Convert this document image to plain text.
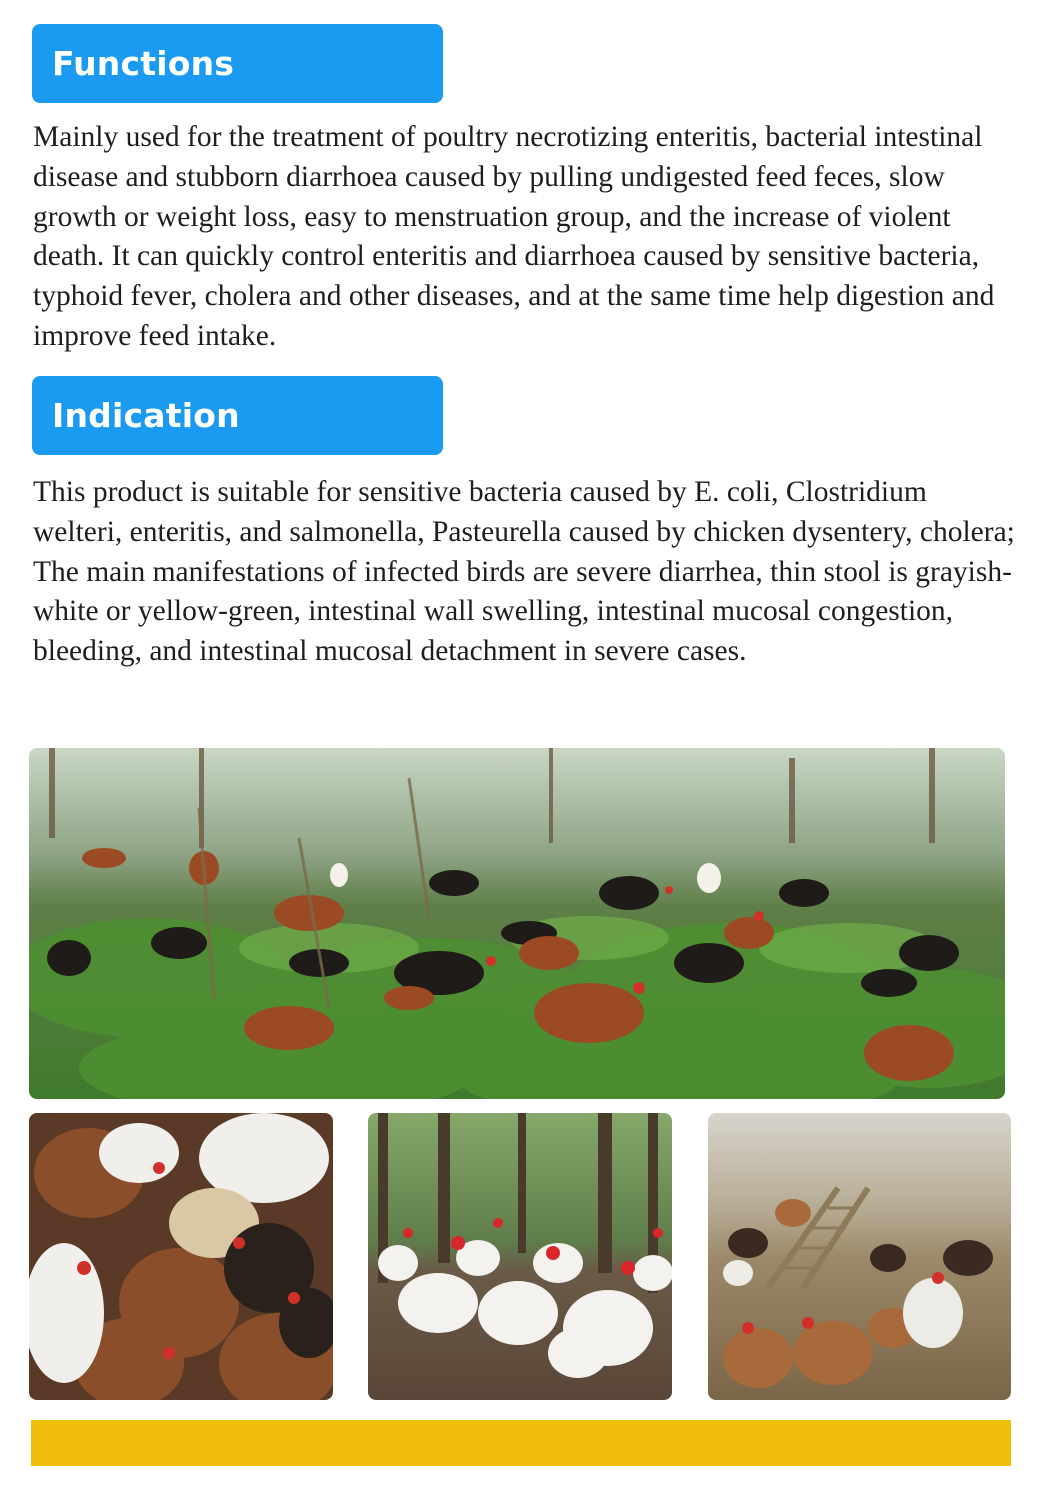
Functions

Mainly used for the treatment of poultry necrotizing enteritis, bacterial intestinal disease and stubborn diarrhoea caused by pulling undigested feed feces, slow growth or weight loss, easy to menstruation group, and the increase of violent death. It can quickly control enteritis and diarrhoea caused by sensitive bacteria, typhoid fever, cholera and other diseases, and at the same time help digestion and improve feed intake.

Indication

This product is suitable for sensitive bacteria caused by E. coli, Clostridium welteri, enteritis, and salmonella, Pasteurella caused by chicken dysentery, cholera; The main manifestations of infected birds are severe diarrhea, thin stool is grayish-white or yellow-green, intestinal wall swelling, intestinal mucosal congestion, bleeding, and intestinal mucosal detachment in severe cases.
